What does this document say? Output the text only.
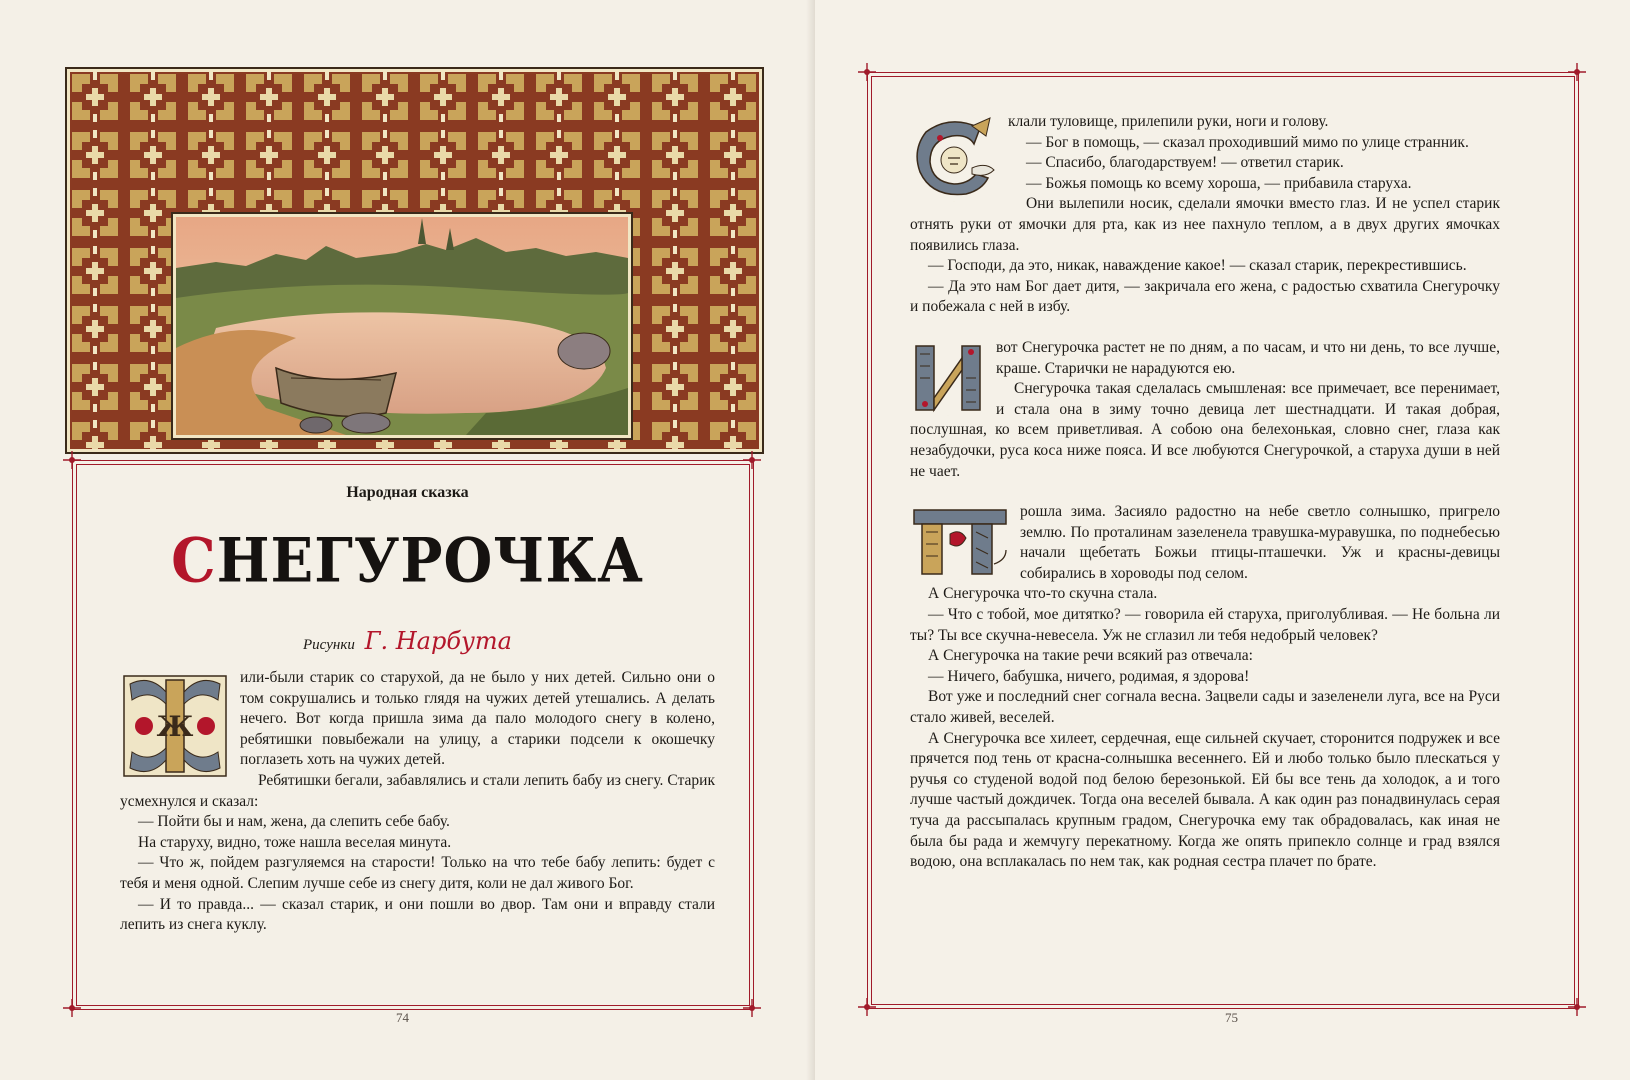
Народная сказка
СНЕГУРОЧКА
Рисунки Г. Нарбута
Ж

или-были старик со старухой, да не было у них детей. Сильно они о том сокрушались и только глядя на чужих детей утешались. А делать нечего. Вот когда пришла зима да пало молодого снегу в колено, ребятишки повыбежали на улицу, а старики подсели к окошечку поглазеть хоть на чужих детей.

Ребятишки бегали, забавлялись и стали лепить бабу из снегу. Старик усмехнулся и сказал:

— Пойти бы и нам, жена, да слепить себе бабу.

На старуху, видно, тоже нашла веселая минута.

— Что ж, пойдем разгуляемся на старости! Только на что тебе бабу лепить: будет с тебя и меня одной. Слепим лучше себе из снегу дитя, коли не дал живого Бог.

— И то правда... — сказал старик, и они пошли во двор. Там они и вправду стали лепить из снега куклу.

74
С

клали туловище, прилепили руки, ноги и голову.

— Бог в помощь, — сказал проходивший мимо по улице странник.

— Спасибо, благодарствуем! — ответил старик.

— Божья помощь ко всему хороша, — прибавила старуха.

Они вылепили носик, сделали ямочки вместо глаз. И не успел старик отнять руки от ямочки для рта, как из нее пахнуло теплом, а в двух других ямочках появились глаза.

— Господи, да это, никак, наваждение какое! — сказал старик, перекрестившись.

— Да это нам Бог дает дитя, — закричала его жена, с радостью схватила Снегурочку и побежала с ней в избу.

И

вот Снегурочка растет не по дням, а по часам, и что ни день, то все лучше, краше. Старички не нарадуются ею.

Снегурочка такая сделалась смышленая: все примечает, все перенимает, и стала она в зиму точно девица лет шестнадцати. И такая добрая, послушная, ко всем приветливая. А собою она белехонькая, словно снег, глаза как незабудочки, руса коса ниже пояса. И все любуются Снегурочкой, а старуха души в ней не чает.

П

рошла зима. Засияло радостно на небе светло солнышко, пригрело землю. По проталинам зазеленела травушка-муравушка, по поднебесью начали щебетать Божьи птицы-пташечки. Уж и красны-девицы собирались в хороводы под селом.

А Снегурочка что-то скучна стала.

— Что с тобой, мое дитятко? — говорила ей старуха, приголубливая. — Не больна ли ты? Ты все скучна-невесела. Уж не сглазил ли тебя недобрый человек?

А Снегурочка на такие речи всякий раз отвечала:

— Ничего, бабушка, ничего, родимая, я здорова!

Вот уже и последний снег согнала весна. Зацвели сады и зазеленели луга, все на Руси стало живей, веселей.

А Снегурочка все хилеет, сердечная, еще сильней скучает, сторонится подружек и все прячется под тень от красна-солнышка весеннего. Ей и любо только было плескаться у ручья со студеной водой под белою березонькой. Ей бы все тень да холодок, а и того лучше частый дождичек. Тогда она веселей бывала. А как один раз понадвинулась серая туча да рассыпалась крупным градом, Снегурочка ему так обрадовалась, как иная не была бы рада и жемчугу перекатному. Когда же опять припекло солнце и град взялся водою, она всплакалась по нем так, как родная сестра плачет по брате.

75
